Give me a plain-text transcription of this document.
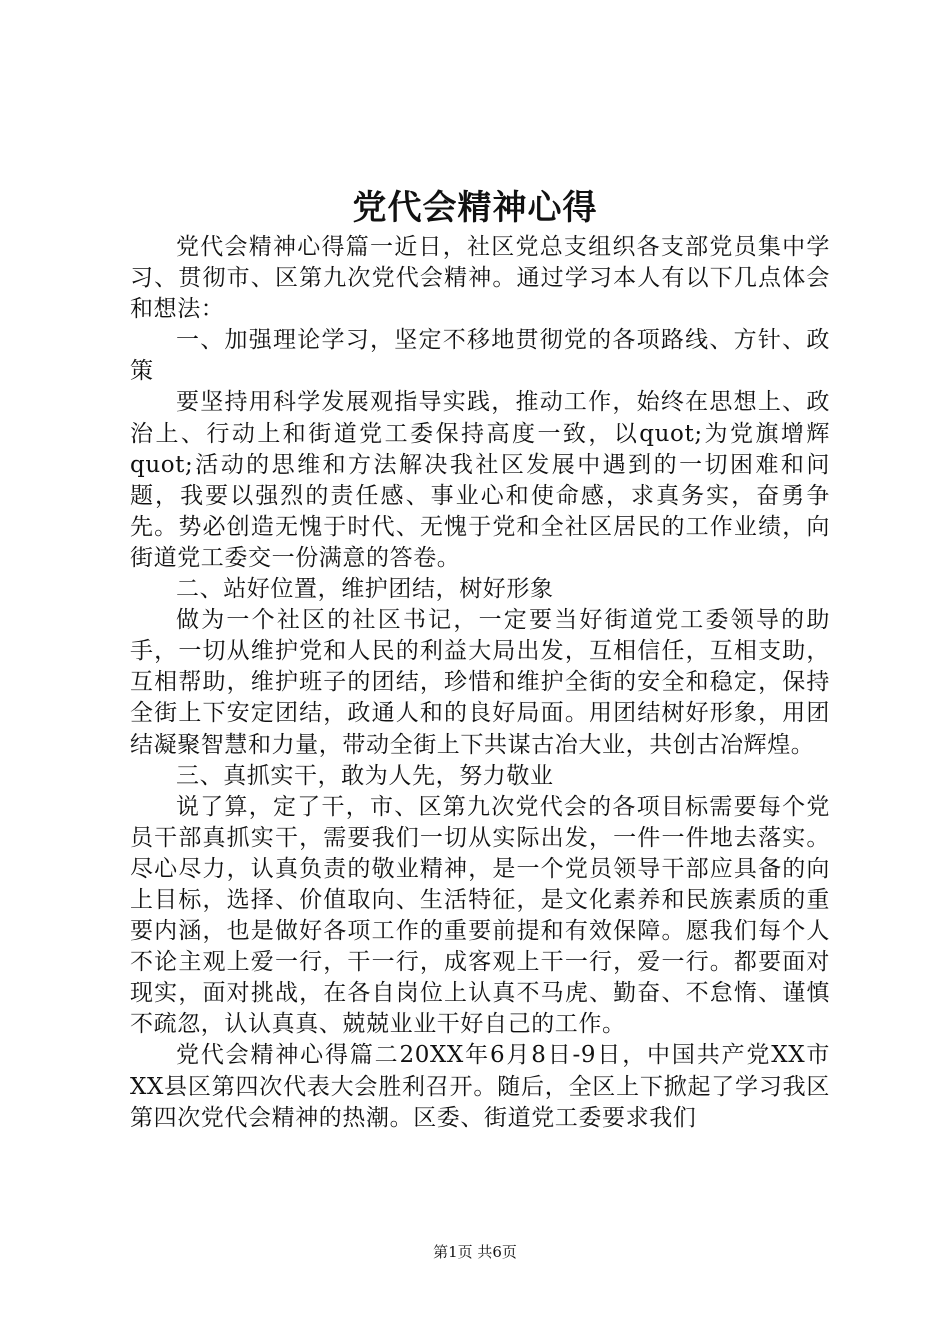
党代会精神心得

党代会精神心得篇一近日，社区党总支组织各支部党员集中学习、贯彻市、区第九次党代会精神。通过学习本人有以下几点体会和想法：

一、加强理论学习，坚定不移地贯彻党的各项路线、方针、政策

要坚持用科学发展观指导实践，推动工作，始终在思想上、政治上、行动上和街道党工委保持高度一致，以quot;为党旗增辉quot;活动的思维和方法解决我社区发展中遇到的一切困难和问题，我要以强烈的责任感、事业心和使命感，求真务实，奋勇争先。势必创造无愧于时代、无愧于党和全社区居民的工作业绩，向街道党工委交一份满意的答卷。

二、站好位置，维护团结，树好形象

做为一个社区的社区书记，一定要当好街道党工委领导的助手，一切从维护党和人民的利益大局出发，互相信任，互相支助，互相帮助，维护班子的团结，珍惜和维护全街的安全和稳定，保持全街上下安定团结，政通人和的良好局面。用团结树好形象，用团结凝聚智慧和力量，带动全街上下共谋古冶大业，共创古冶辉煌。

三、真抓实干，敢为人先，努力敬业

说了算，定了干，市、区第九次党代会的各项目标需要每个党员干部真抓实干，需要我们一切从实际出发，一件一件地去落实。尽心尽力，认真负责的敬业精神，是一个党员领导干部应具备的向上目标，选择、价值取向、生活特征，是文化素养和民族素质的重要内涵，也是做好各项工作的重要前提和有效保障。愿我们每个人不论主观上爱一行，干一行，成客观上干一行，爱一行。都要面对现实，面对挑战，在各自岗位上认真不马虎、勤奋、不怠惰、谨慎不疏忽，认认真真、兢兢业业干好自己的工作。

党代会精神心得篇二20XX年6月8日-9日，中国共产党XX市XX县区第四次代表大会胜利召开。随后，全区上下掀起了学习我区第四次党代会精神的热潮。区委、街道党工委要求我们

第1页 共6页
